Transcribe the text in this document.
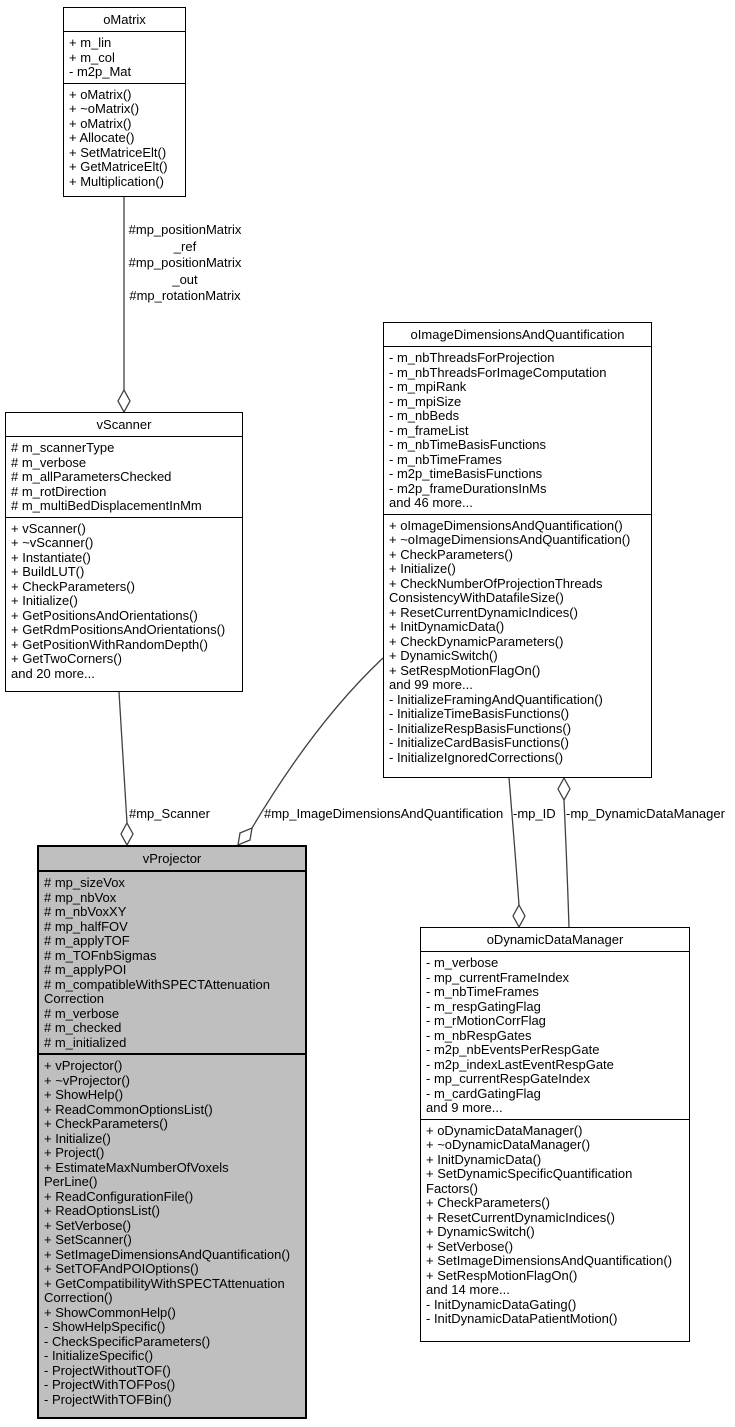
#mp_positionMatrix
_ref
#mp_positionMatrix
_out
#mp_rotationMatrix
#mp_Scanner	#mp_ImageDimensionsAndQuantification -mp_ID -mp_DynamicDataManager
oMatrix
+ m_lin
+ m_col
- m2p_Mat
+ oMatrix()
+ ~oMatrix()
+ oMatrix()
+ Allocate()
+ SetMatriceElt()
+ GetMatriceElt()
+ Multiplication()
vScanner
# m_scannerType
# m_verbose
# m_allParametersChecked
# m_rotDirection
# m_multiBedDisplacementInMm
+ vScanner()
+ ~vScanner()
+ Instantiate()
+ BuildLUT()
+ CheckParameters()
+ Initialize()
+ GetPositionsAndOrientations()
+ GetRdmPositionsAndOrientations()
+ GetPositionWithRandomDepth()
+ GetTwoCorners()
and 20 more...
oImageDimensionsAndQuantification
- m_nbThreadsForProjection
- m_nbThreadsForImageComputation
- m_mpiRank
- m_mpiSize
- m_nbBeds
- m_frameList
- m_nbTimeBasisFunctions
- m_nbTimeFrames
- m2p_timeBasisFunctions
- m2p_frameDurationsInMs
and 46 more...
+ oImageDimensionsAndQuantification()
+ ~oImageDimensionsAndQuantification()
+ CheckParameters()
+ Initialize()
+ CheckNumberOfProjectionThreads
ConsistencyWithDatafileSize()
+ ResetCurrentDynamicIndices()
+ InitDynamicData()
+ CheckDynamicParameters()
+ DynamicSwitch()
+ SetRespMotionFlagOn()
and 99 more...
- InitializeFramingAndQuantification()
- InitializeTimeBasisFunctions()
- InitializeRespBasisFunctions()
- InitializeCardBasisFunctions()
- InitializeIgnoredCorrections()
vProjector
# mp_sizeVox
# mp_nbVox
# m_nbVoxXY
# mp_halfFOV
# m_applyTOF
# m_TOFnbSigmas
# m_applyPOI
# m_compatibleWithSPECTAttenuation
Correction
# m_verbose
# m_checked
# m_initialized
+ vProjector()
+ ~vProjector()
+ ShowHelp()
+ ReadCommonOptionsList()
+ CheckParameters()
+ Initialize()
+ Project()
+ EstimateMaxNumberOfVoxels
PerLine()
+ ReadConfigurationFile()
+ ReadOptionsList()
+ SetVerbose()
+ SetScanner()
+ SetImageDimensionsAndQuantification()
+ SetTOFAndPOIOptions()
+ GetCompatibilityWithSPECTAttenuation
Correction()
+ ShowCommonHelp()
- ShowHelpSpecific()
- CheckSpecificParameters()
- InitializeSpecific()
- ProjectWithoutTOF()
- ProjectWithTOFPos()
- ProjectWithTOFBin()
oDynamicDataManager
- m_verbose
- mp_currentFrameIndex
- m_nbTimeFrames
- m_respGatingFlag
- m_rMotionCorrFlag
- m_nbRespGates
- m2p_nbEventsPerRespGate
- m2p_indexLastEventRespGate
- mp_currentRespGateIndex
- m_cardGatingFlag
and 9 more...
+ oDynamicDataManager()
+ ~oDynamicDataManager()
+ InitDynamicData()
+ SetDynamicSpecificQuantification
Factors()
+ CheckParameters()
+ ResetCurrentDynamicIndices()
+ DynamicSwitch()
+ SetVerbose()
+ SetImageDimensionsAndQuantification()
+ SetRespMotionFlagOn()
and 14 more...
- InitDynamicDataGating()
- InitDynamicDataPatientMotion()
